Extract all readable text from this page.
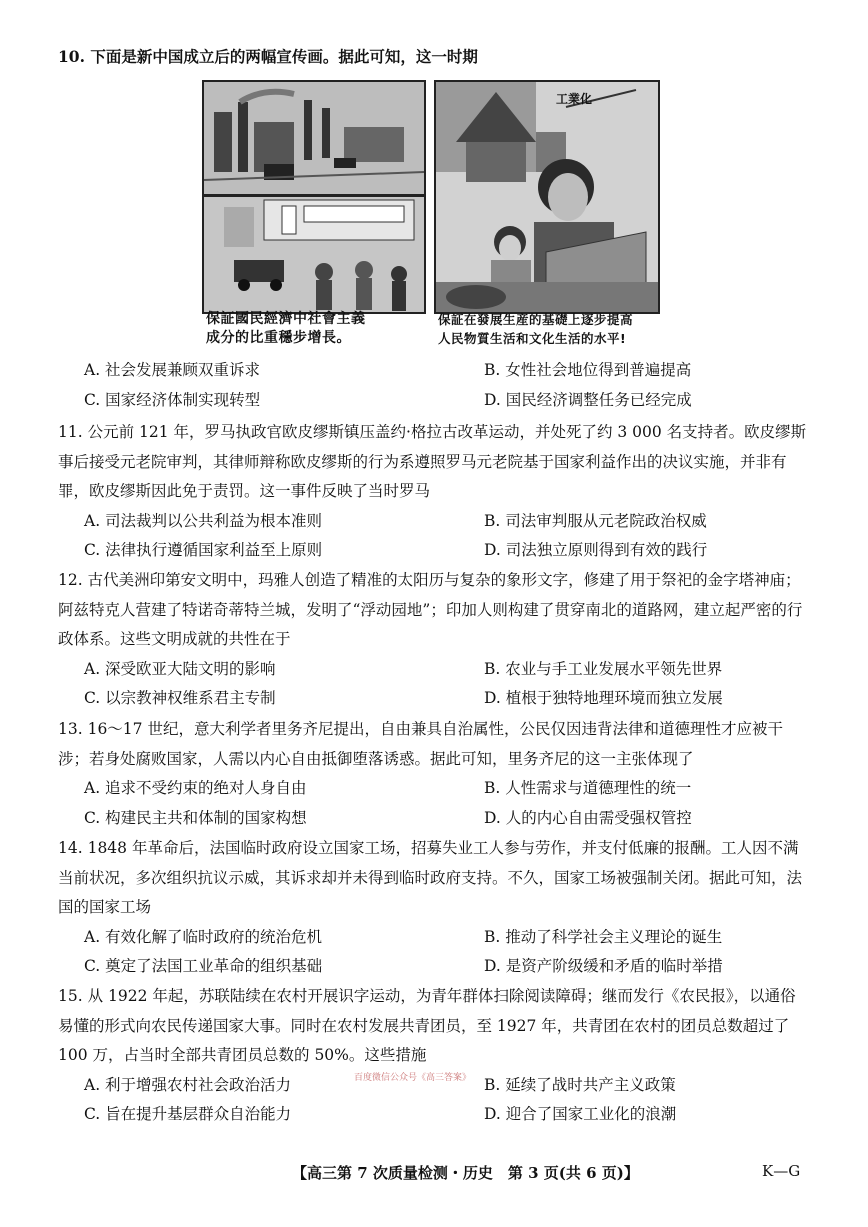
10. 下面是新中国成立后的两幅宣传画。据此可知，这一时期

工業化
保証國民經濟中社會主義
成分的比重穩步增長。
保証在發展生産的基礎上逐步提高
人民物質生活和文化生活的水平!
A. 社会发展兼顾双重诉求	B. 女性社会地位得到普遍提高
C. 国家经济体制实现转型	D. 国民经济调整任务已经完成

11. 公元前 121 年，罗马执政官欧皮缪斯镇压盖约·格拉古改革运动，并处死了约 3 000 名支持者。欧皮缪斯事后接受元老院审判，其律师辩称欧皮缪斯的行为系遵照罗马元老院基于国家利益作出的决议实施，并非有罪，欧皮缪斯因此免于责罚。这一事件反映了当时罗马

A. 司法裁判以公共利益为根本准则	B. 司法审判服从元老院政治权威
C. 法律执行遵循国家利益至上原则	D. 司法独立原则得到有效的践行

12. 古代美洲印第安文明中，玛雅人创造了精准的太阳历与复杂的象形文字，修建了用于祭祀的金字塔神庙；阿兹特克人营建了特诺奇蒂特兰城，发明了“浮动园地”；印加人则构建了贯穿南北的道路网，建立起严密的行政体系。这些文明成就的共性在于

A. 深受欧亚大陆文明的影响	B. 农业与手工业发展水平领先世界
C. 以宗教神权维系君主专制	D. 植根于独特地理环境而独立发展

13. 16～17 世纪，意大利学者里务齐尼提出，自由兼具自治属性，公民仅因违背法律和道德理性才应被干涉；若身处腐败国家，人需以内心自由抵御堕落诱惑。据此可知，里务齐尼的这一主张体现了

A. 追求不受约束的绝对人身自由	B. 人性需求与道德理性的统一
C. 构建民主共和体制的国家构想	D. 人的内心自由需受强权管控

14. 1848 年革命后，法国临时政府设立国家工场，招募失业工人参与劳作，并支付低廉的报酬。工人因不满当前状况，多次组织抗议示威，其诉求却并未得到临时政府支持。不久，国家工场被强制关闭。据此可知，法国的国家工场

A. 有效化解了临时政府的统治危机	B. 推动了科学社会主义理论的诞生
C. 奠定了法国工业革命的组织基础	D. 是资产阶级缓和矛盾的临时举措

15. 从 1922 年起，苏联陆续在农村开展识字运动，为青年群体扫除阅读障碍；继而发行《农民报》，以通俗易懂的形式向农民传递国家大事。同时在农村发展共青团员，至 1927 年，共青团在农村的团员总数超过了 100 万，占当时全部共青团员总数的 50%。这些措施

A. 利于增强农村社会政治活力	B. 延续了战时共产主义政策
C. 旨在提升基层群众自治能力	D. 迎合了国家工业化的浪潮
百度微信公众号《高三答案》
【高三第 7 次质量检测・历史　第 3 页(共 6 页)】	K—G
